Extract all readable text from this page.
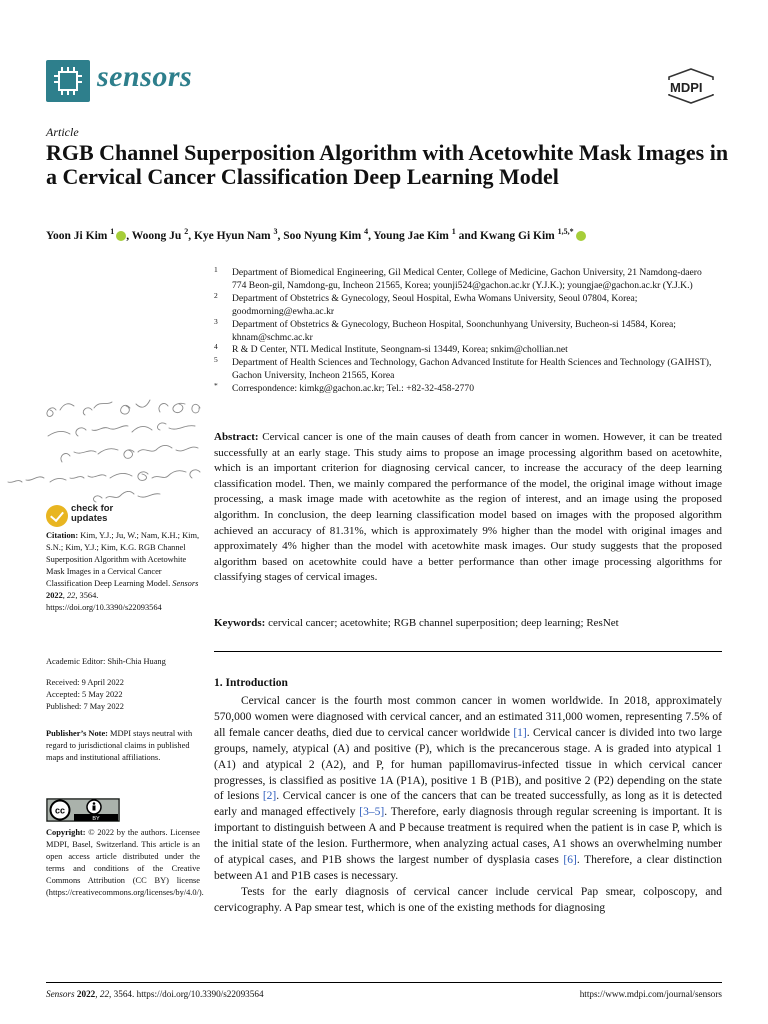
sensors	MDPI
Article
RGB Channel Superposition Algorithm with Acetowhite Mask Images in a Cervical Cancer Classification Deep Learning Model
Yoon Ji Kim $^1$ , Woong Ju $^2$, Kye Hyun Nam $^3$, Soo Nyung Kim $^4$, Young Jae Kim $^1$ and Kwang Gi Kim $^{1,5,*}$
1 Department of Biomedical Engineering, Gil Medical Center, College of Medicine, Gachon University, 21 Namdong-daero 774 Beon-gil, Namdong-gu, Incheon 21565, Korea; younji524@gachon.ac.kr (Y.J.K.); youngjae@gachon.ac.kr (Y.J.K.)
2 Department of Obstetrics & Gynecology, Seoul Hospital, Ewha Womans University, Seoul 07804, Korea; goodmorning@ewha.ac.kr
3 Department of Obstetrics & Gynecology, Bucheon Hospital, Soonchunhyang University, Bucheon-si 14584, Korea; khnam@schmc.ac.kr
4 R & D Center, NTL Medical Institute, Seongnam-si 13449, Korea; snkim@chollian.net
5 Department of Health Sciences and Technology, Gachon Advanced Institute for Health Sciences and Technology (GAIHST), Gachon University, Incheon 21565, Korea
* Correspondence: kimkg@gachon.ac.kr; Tel.: +82-32-458-2770
check for
updates
Citation: Kim, Y.J.; Ju, W.; Nam, K.H.; Kim, S.N.; Kim, Y.J.; Kim, K.G. RGB Channel Superposition Algorithm with Acetowhite Mask Images in a Cervical Cancer Classification Deep Learning Model. Sensors 2022, 22, 3564. https://doi.org/10.3390/s22093564
Academic Editor: Shih-Chia Huang
Received: 9 April 2022
Accepted: 5 May 2022
Published: 7 May 2022
Publisher’s Note: MDPI stays neutral with regard to jurisdictional claims in published maps and institutional affiliations.
cc
BY
Copyright: © 2022 by the authors. Licensee MDPI, Basel, Switzerland. This article is an open access article distributed under the terms and conditions of the Creative Commons Attribution (CC BY) license (https://creativecommons.org/licenses/by/4.0/).
Abstract: Cervical cancer is one of the main causes of death from cancer in women. However, it can be treated successfully at an early stage. This study aims to propose an image processing algorithm based on acetowhite, which is an important criterion for diagnosing cervical cancer, to increase the accuracy of the deep learning classification model. Then, we mainly compared the performance of the model, the original image without image processing, a mask image made with acetowhite as the region of interest, and an image using the proposed algorithm. In conclusion, the deep learning classification model based on images with the proposed algorithm achieved an accuracy of 81.31%, which is approximately 9% higher than the model with original images and approximately 4% higher than the model with acetowhite mask images. Our study suggests that the proposed algorithm based on acetowhite could have a better performance than other image processing algorithms for classifying stages of cervical images.
Keywords: cervical cancer; acetowhite; RGB channel superposition; deep learning; ResNet
1. Introduction

Cervical cancer is the fourth most common cancer in women worldwide. In 2018, approximately 570,000 women were diagnosed with cervical cancer, and an estimated 311,000 women, representing 7.5% of all female cancer deaths, died due to cervical cancer worldwide [1]. Cervical cancer is divided into two large groups, namely, atypical (A) and positive (P), which is the precancerous stage. A is graded into atypical 1 (A1) and atypical 2 (A2), and P, for human papillomavirus-infected tissue in which cervical cancer progresses, is classified as positive 1A (P1A), positive 1 B (P1B), and positive 2 (P2) depending on the state of lesions [2]. Cervical cancer is one of the cancers that can be treated successfully, as long as it is detected early and managed effectively [3–5]. Therefore, early diagnosis through regular screening is important. It is important to distinguish between A and P because treatment is required when the patient is in case P, which is the initial state of the lesion. Furthermore, when analyzing actual cases, A1 shows an overwhelming number of atypical cases, and P1B shows the largest number of dysplasia cases [6]. Therefore, a clear distinction between A1 and P1B cases is necessary.

Tests for the early diagnosis of cervical cancer include cervical Pap smear, colposcopy, and cervicography. A Pap smear test, which is one of the existing methods for diagnosing

Sensors 2022, 22, 3564. https://doi.org/10.3390/s22093564	https://www.mdpi.com/journal/sensors
